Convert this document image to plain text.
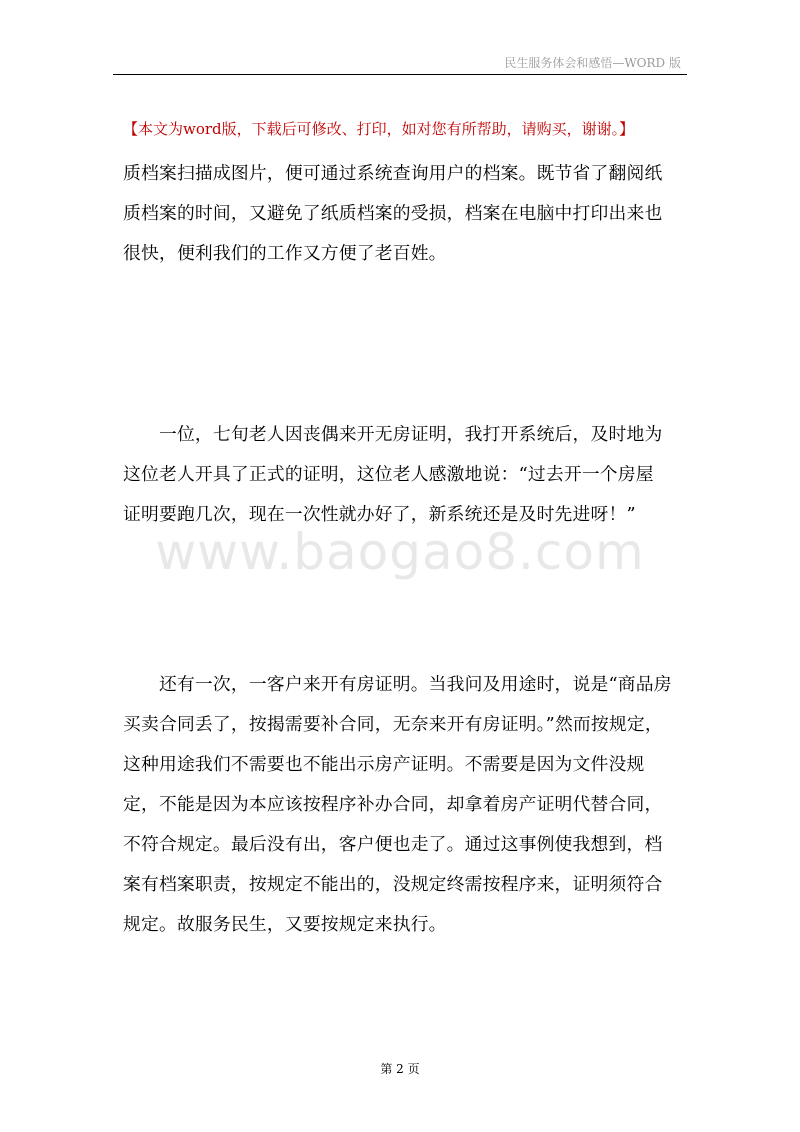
民生服务体会和感悟—WORD 版
【本文为word版，下载后可修改、打印，如对您有所帮助，请购买，谢谢。】

质档案扫描成图片，便可通过系统查询用户的档案。既节省了翻阅纸
质档案的时间，又避免了纸质档案的受损，档案在电脑中打印出来也
很快，便利我们的工作又方便了老百姓。

　　一位，七旬老人因丧偶来开无房证明，我打开系统后，及时地为
这位老人开具了正式的证明，这位老人感激地说：“过去开一个房屋
证明要跑几次，现在一次性就办好了，新系统还是及时先进呀！”

www.baogao8.com

　　还有一次，一客户来开有房证明。当我问及用途时，说是“商品房
买卖合同丢了，按揭需要补合同，无奈来开有房证明。”然而按规定，
这种用途我们不需要也不能出示房产证明。不需要是因为文件没规
定，不能是因为本应该按程序补办合同，却拿着房产证明代替合同，
不符合规定。最后没有出，客户便也走了。通过这事例使我想到，档
案有档案职责，按规定不能出的，没规定终需按程序来，证明须符合
规定。故服务民生，又要按规定来执行。

第 2 页
